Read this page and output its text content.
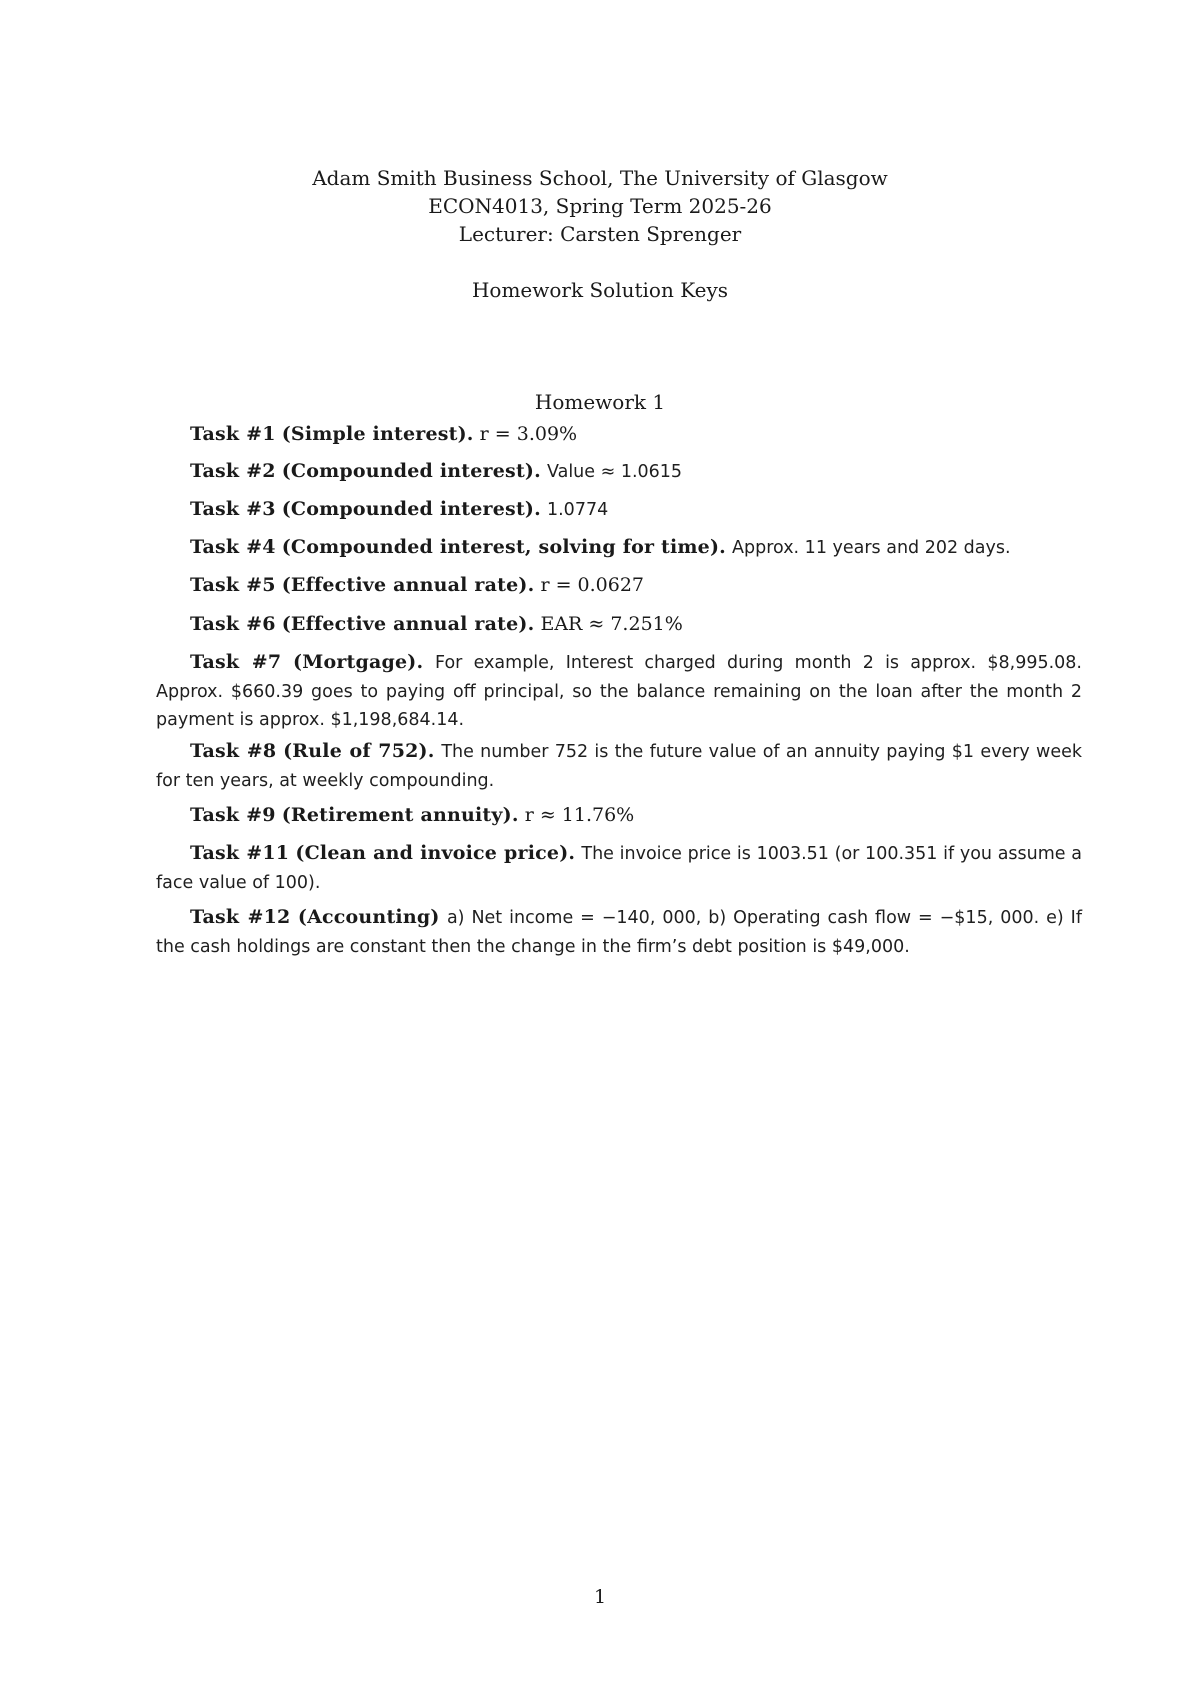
Adam Smith Business School, The University of Glasgow
ECON4013, Spring Term 2025-26
Lecturer: Carsten Sprenger
Homework Solution Keys
Homework 1
Task #1 (Simple interest). r = 3.09%
Task #2 (Compounded interest). Value ≈ 1.0615
Task #3 (Compounded interest). 1.0774
Task #4 (Compounded interest, solving for time). Approx. 11 years and 202 days.
Task #5 (Effective annual rate). r = 0.0627
Task #6 (Effective annual rate). EAR ≈ 7.251%
Task #7 (Mortgage). For example, Interest charged during month 2 is approx. $8,995.08. Approx. $660.39 goes to paying off principal, so the balance remaining on the loan after the month 2 payment is approx. $1,198,684.14.
Task #8 (Rule of 752). The number 752 is the future value of an annuity paying $1 every week for ten years, at weekly compounding.
Task #9 (Retirement annuity). r ≈ 11.76%
Task #11 (Clean and invoice price). The invoice price is 1003.51 (or 100.351 if you assume a face value of 100).
Task #12 (Accounting) a) Net income = −140, 000, b) Operating cash flow = −$15, 000. e) If the cash holdings are constant then the change in the firm’s debt position is $49,000.
1
